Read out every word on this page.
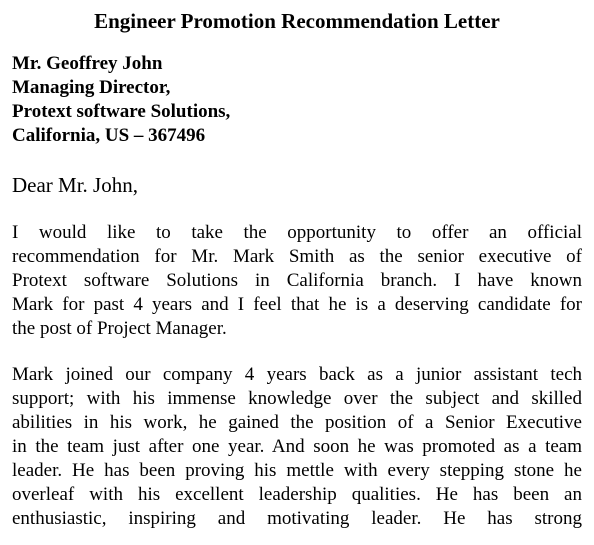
Engineer Promotion Recommendation Letter
Mr. Geoffrey John
Managing Director,
Protext software Solutions,
California, US – 367496
Dear Mr. John,
I would like to take the opportunity to offer an official
recommendation for Mr. Mark Smith as the senior executive of
Protext software Solutions in California branch. I have known
Mark for past 4 years and I feel that he is a deserving candidate for
the post of Project Manager.
Mark joined our company 4 years back as a junior assistant tech
support; with his immense knowledge over the subject and skilled
abilities in his work, he gained the position of a Senior Executive
in the team just after one year. And soon he was promoted as a team
leader. He has been proving his mettle with every stepping stone he
overleaf with his excellent leadership qualities. He has been an
enthusiastic, inspiring and motivating leader. He has strong
